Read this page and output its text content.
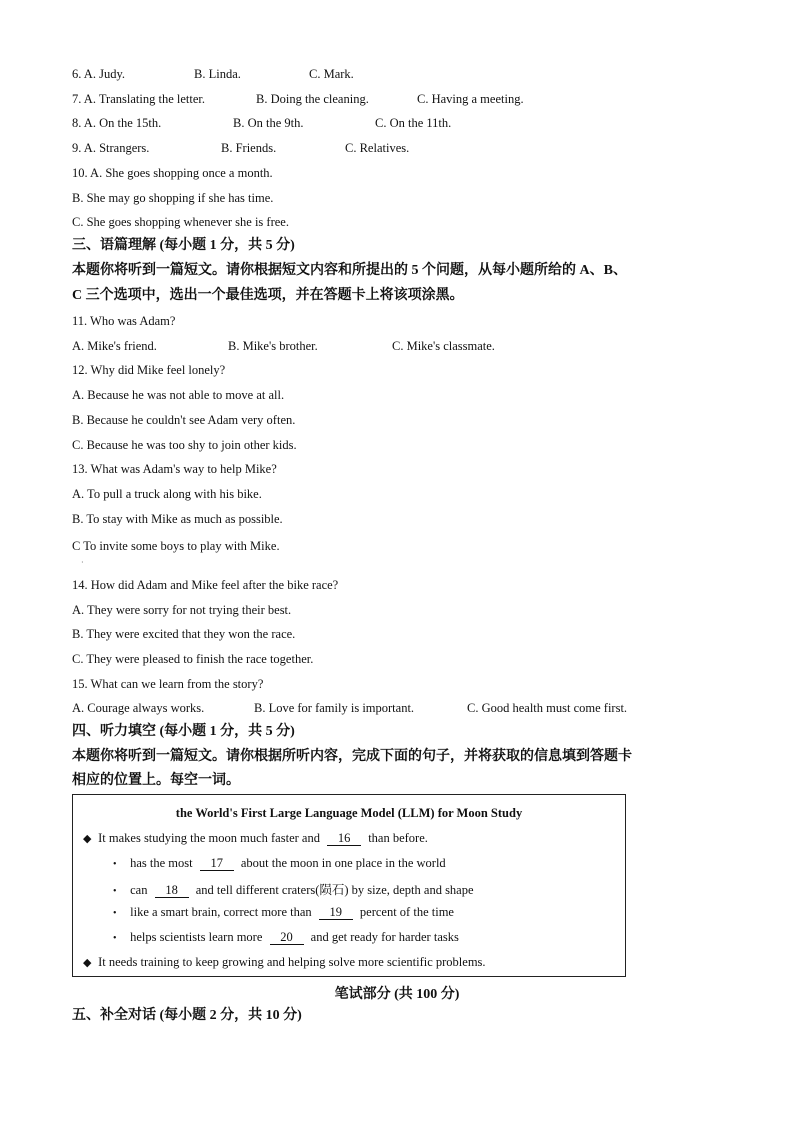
6. A. Judy.	B. Linda.	C. Mark.
7. A. Translating the letter.	B. Doing the cleaning.	C. Having a meeting.
8. A. On the 15th.	B. On the 9th.	C. On the 11th.
9. A. Strangers.	B. Friends.	C. Relatives.
10. A. She goes shopping once a month.
B. She may go shopping if she has time.
C. She goes shopping whenever she is free.
三、语篇理解 (每小题 1 分，共 5 分)
本题你将听到一篇短文。请你根据短文内容和所提出的 5 个问题，从每小题所给的 A、B、
C 三个选项中，选出一个最佳选项，并在答题卡上将该项涂黑。
11. Who was Adam?
A. Mike's friend.	B. Mike's brother.	C. Mike's classmate.
12. Why did Mike feel lonely?
A. Because he was not able to move at all.
B. Because he couldn't see Adam very often.
C. Because he was too shy to join other kids.
13. What was Adam's way to help Mike?
A. To pull a truck along with his bike.
B. To stay with Mike as much as possible.
C To invite some boys to play with Mike.
·
14. How did Adam and Mike feel after the bike race?
A. They were sorry for not trying their best.
B. They were excited that they won the race.
C. They were pleased to finish the race together.
15. What can we learn from the story?
A. Courage always works.	B. Love for family is important.	C. Good health must come first.
四、听力填空 (每小题 1 分，共 5 分)
本题你将听到一篇短文。请你根据所听内容，完成下面的句子，并将获取的信息填到答题卡
相应的位置上。每空一词。
the World's First Large Language Model (LLM) for Moon Study
◆ It makes studying the moon much faster and 16 than before.
• has the most 17 about the moon in one place in the world
• can 18 and tell different craters(陨石) by size, depth and shape
• like a smart brain, correct more than 19 percent of the time
• helps scientists learn more 20 and get ready for harder tasks
◆ It needs training to keep growing and helping solve more scientific problems.
笔试部分 (共 100 分)
五、补全对话 (每小题 2 分，共 10 分)
